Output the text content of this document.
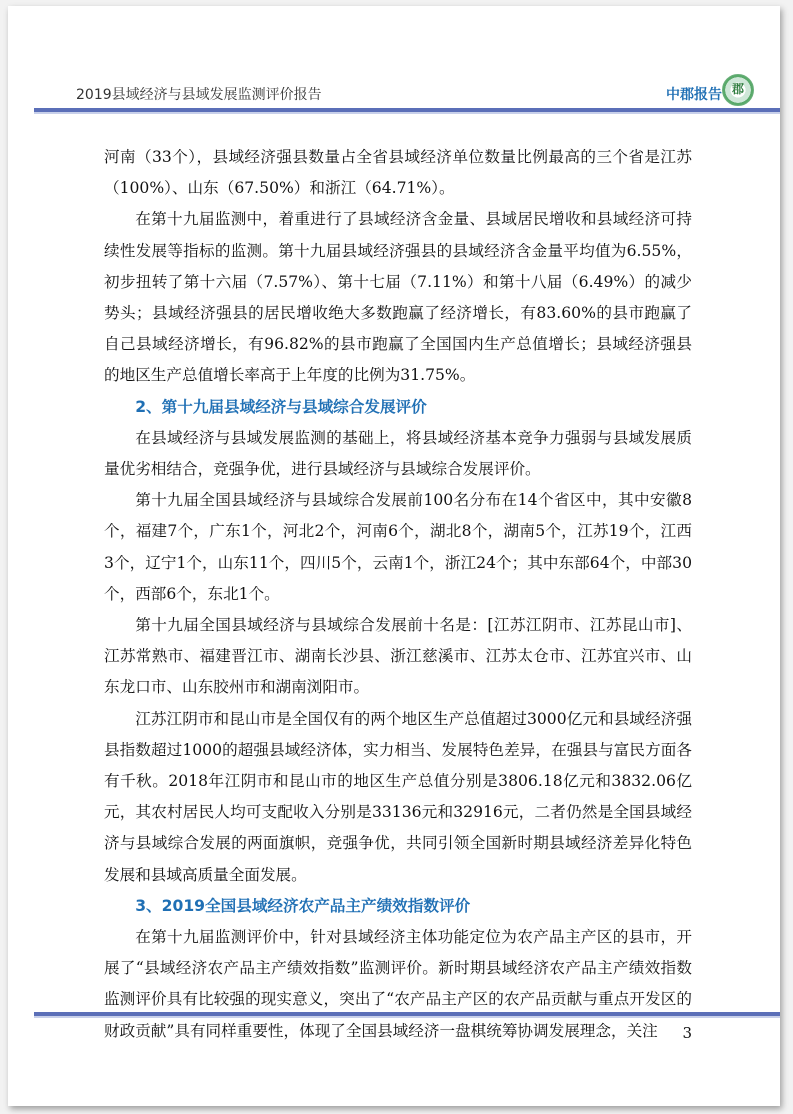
2019县域经济与县域发展监测评价报告	中郡报告 郡

河南（33个），县域经济强县数量占全省县域经济单位数量比例最高的三个省是江苏（100%）、山东（67.50%）和浙江（64.71%）。

在第十九届监测中，着重进行了县域经济含金量、县域居民增收和县域经济可持续性发展等指标的监测。第十九届县域经济强县的县域经济含金量平均值为6.55%，初步扭转了第十六届（7.57%）、第十七届（7.11%）和第十八届（6.49%）的减少势头；县域经济强县的居民增收绝大多数跑赢了经济增长，有83.60%的县市跑赢了自己县域经济增长，有96.82%的县市跑赢了全国国内生产总值增长；县域经济强县的地区生产总值增长率高于上年度的比例为31.75%。

2、第十九届县域经济与县域综合发展评价

在县域经济与县域发展监测的基础上，将县域经济基本竞争力强弱与县域发展质量优劣相结合，竞强争优，进行县域经济与县域综合发展评价。

第十九届全国县域经济与县域综合发展前100名分布在14个省区中，其中安徽8个，福建7个，广东1个，河北2个，河南6个，湖北8个，湖南5个，江苏19个，江西3个，辽宁1个，山东11个，四川5个，云南1个，浙江24个；其中东部64个，中部30个，西部6个，东北1个。

第十九届全国县域经济与县域综合发展前十名是：[江苏江阴市、江苏昆山市]、江苏常熟市、福建晋江市、湖南长沙县、浙江慈溪市、江苏太仓市、江苏宜兴市、山东龙口市、山东胶州市和湖南浏阳市。

江苏江阴市和昆山市是全国仅有的两个地区生产总值超过3000亿元和县域经济强县指数超过1000的超强县域经济体，实力相当、发展特色差异，在强县与富民方面各有千秋。2018年江阴市和昆山市的地区生产总值分别是3806.18亿元和3832.06亿元，其农村居民人均可支配收入分别是33136元和32916元，二者仍然是全国县域经济与县域综合发展的两面旗帜，竞强争优，共同引领全国新时期县域经济差异化特色发展和县域高质量全面发展。

3、2019全国县域经济农产品主产绩效指数评价

在第十九届监测评价中，针对县域经济主体功能定位为农产品主产区的县市，开展了“县域经济农产品主产绩效指数”监测评价。新时期县域经济农产品主产绩效指数监测评价具有比较强的现实意义，突出了“农产品主产区的农产品贡献与重点开发区的财政贡献”具有同样重要性，体现了全国县域经济一盘棋统筹协调发展理念，关注	3
